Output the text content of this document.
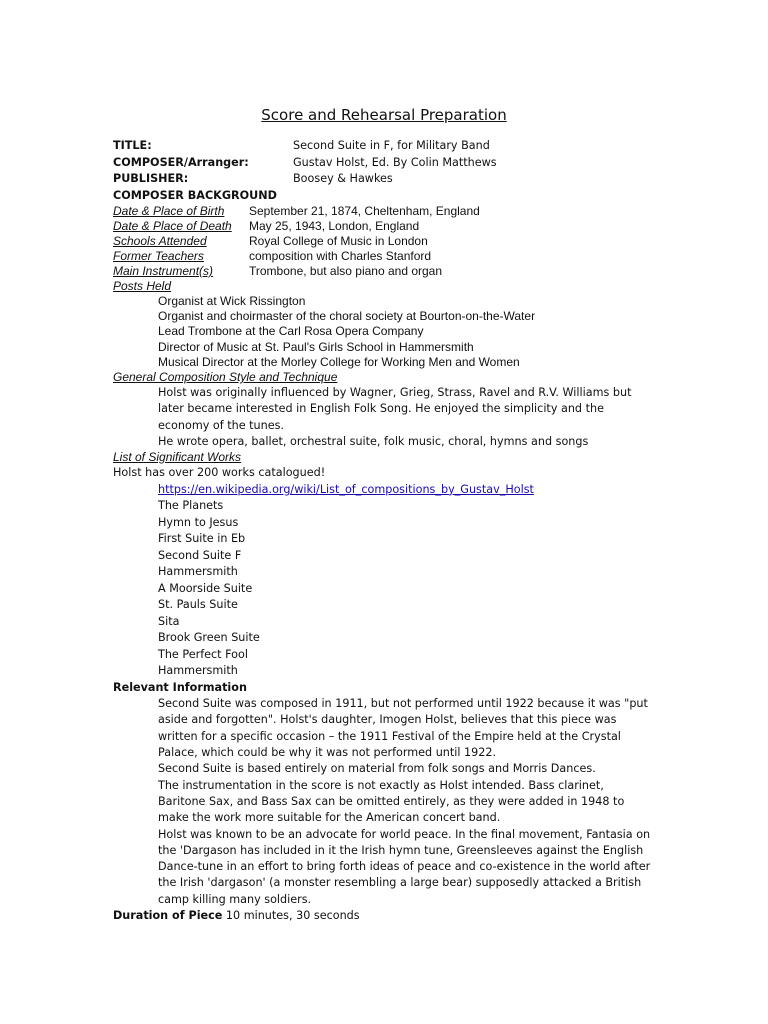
Score and Rehearsal Preparation
TITLE:	Second Suite in F, for Military Band
COMPOSER/Arranger:	Gustav Holst, Ed. By Colin Matthews
PUBLISHER:	Boosey & Hawkes
COMPOSER BACKGROUND
Date & Place of Birth September 21, 1874, Cheltenham, England
Date & Place of Death May 25, 1943, London, England
Schools Attended	Royal College of Music in London
Former Teachers	composition with Charles Stanford
Main Instrument(s)	Trombone, but also piano and organ
Posts Held
Organist at Wick Rissington
Organist and choirmaster of the choral society at Bourton-on-the-Water
Lead Trombone at the Carl Rosa Opera Company
Director of Music at St. Paul's Girls School in Hammersmith
Musical Director at the Morley College for Working Men and Women
General Composition Style and Technique
Holst was originally influenced by Wagner, Grieg, Strass, Ravel and R.V. Williams but later became interested in English Folk Song. He enjoyed the simplicity and the economy of the tunes.
He wrote opera, ballet, orchestral suite, folk music, choral, hymns and songs
List of Significant Works
Holst has over 200 works catalogued!
https://en.wikipedia.org/wiki/List_of_compositions_by_Gustav_Holst
The Planets
Hymn to Jesus
First Suite in Eb
Second Suite F
Hammersmith
A Moorside Suite
St. Pauls Suite
Sita
Brook Green Suite
The Perfect Fool
Hammersmith
Relevant Information
Second Suite was composed in 1911, but not performed until 1922 because it was "put aside and forgotten". Holst's daughter, Imogen Holst, believes that this piece was written for a specific occasion – the 1911 Festival of the Empire held at the Crystal Palace, which could be why it was not performed until 1922.
Second Suite is based entirely on material from folk songs and Morris Dances.
The instrumentation in the score is not exactly as Holst intended. Bass clarinet, Baritone Sax, and Bass Sax can be omitted entirely, as they were added in 1948 to make the work more suitable for the American concert band.
Holst was known to be an advocate for world peace. In the final movement, Fantasia on the 'Dargason has included in it the Irish hymn tune, Greensleeves against the English Dance-tune in an effort to bring forth ideas of peace and co-existence in the world after the Irish 'dargason' (a monster resembling a large bear) supposedly attacked a British camp killing many soldiers.
Duration of Piece 10 minutes, 30 seconds
